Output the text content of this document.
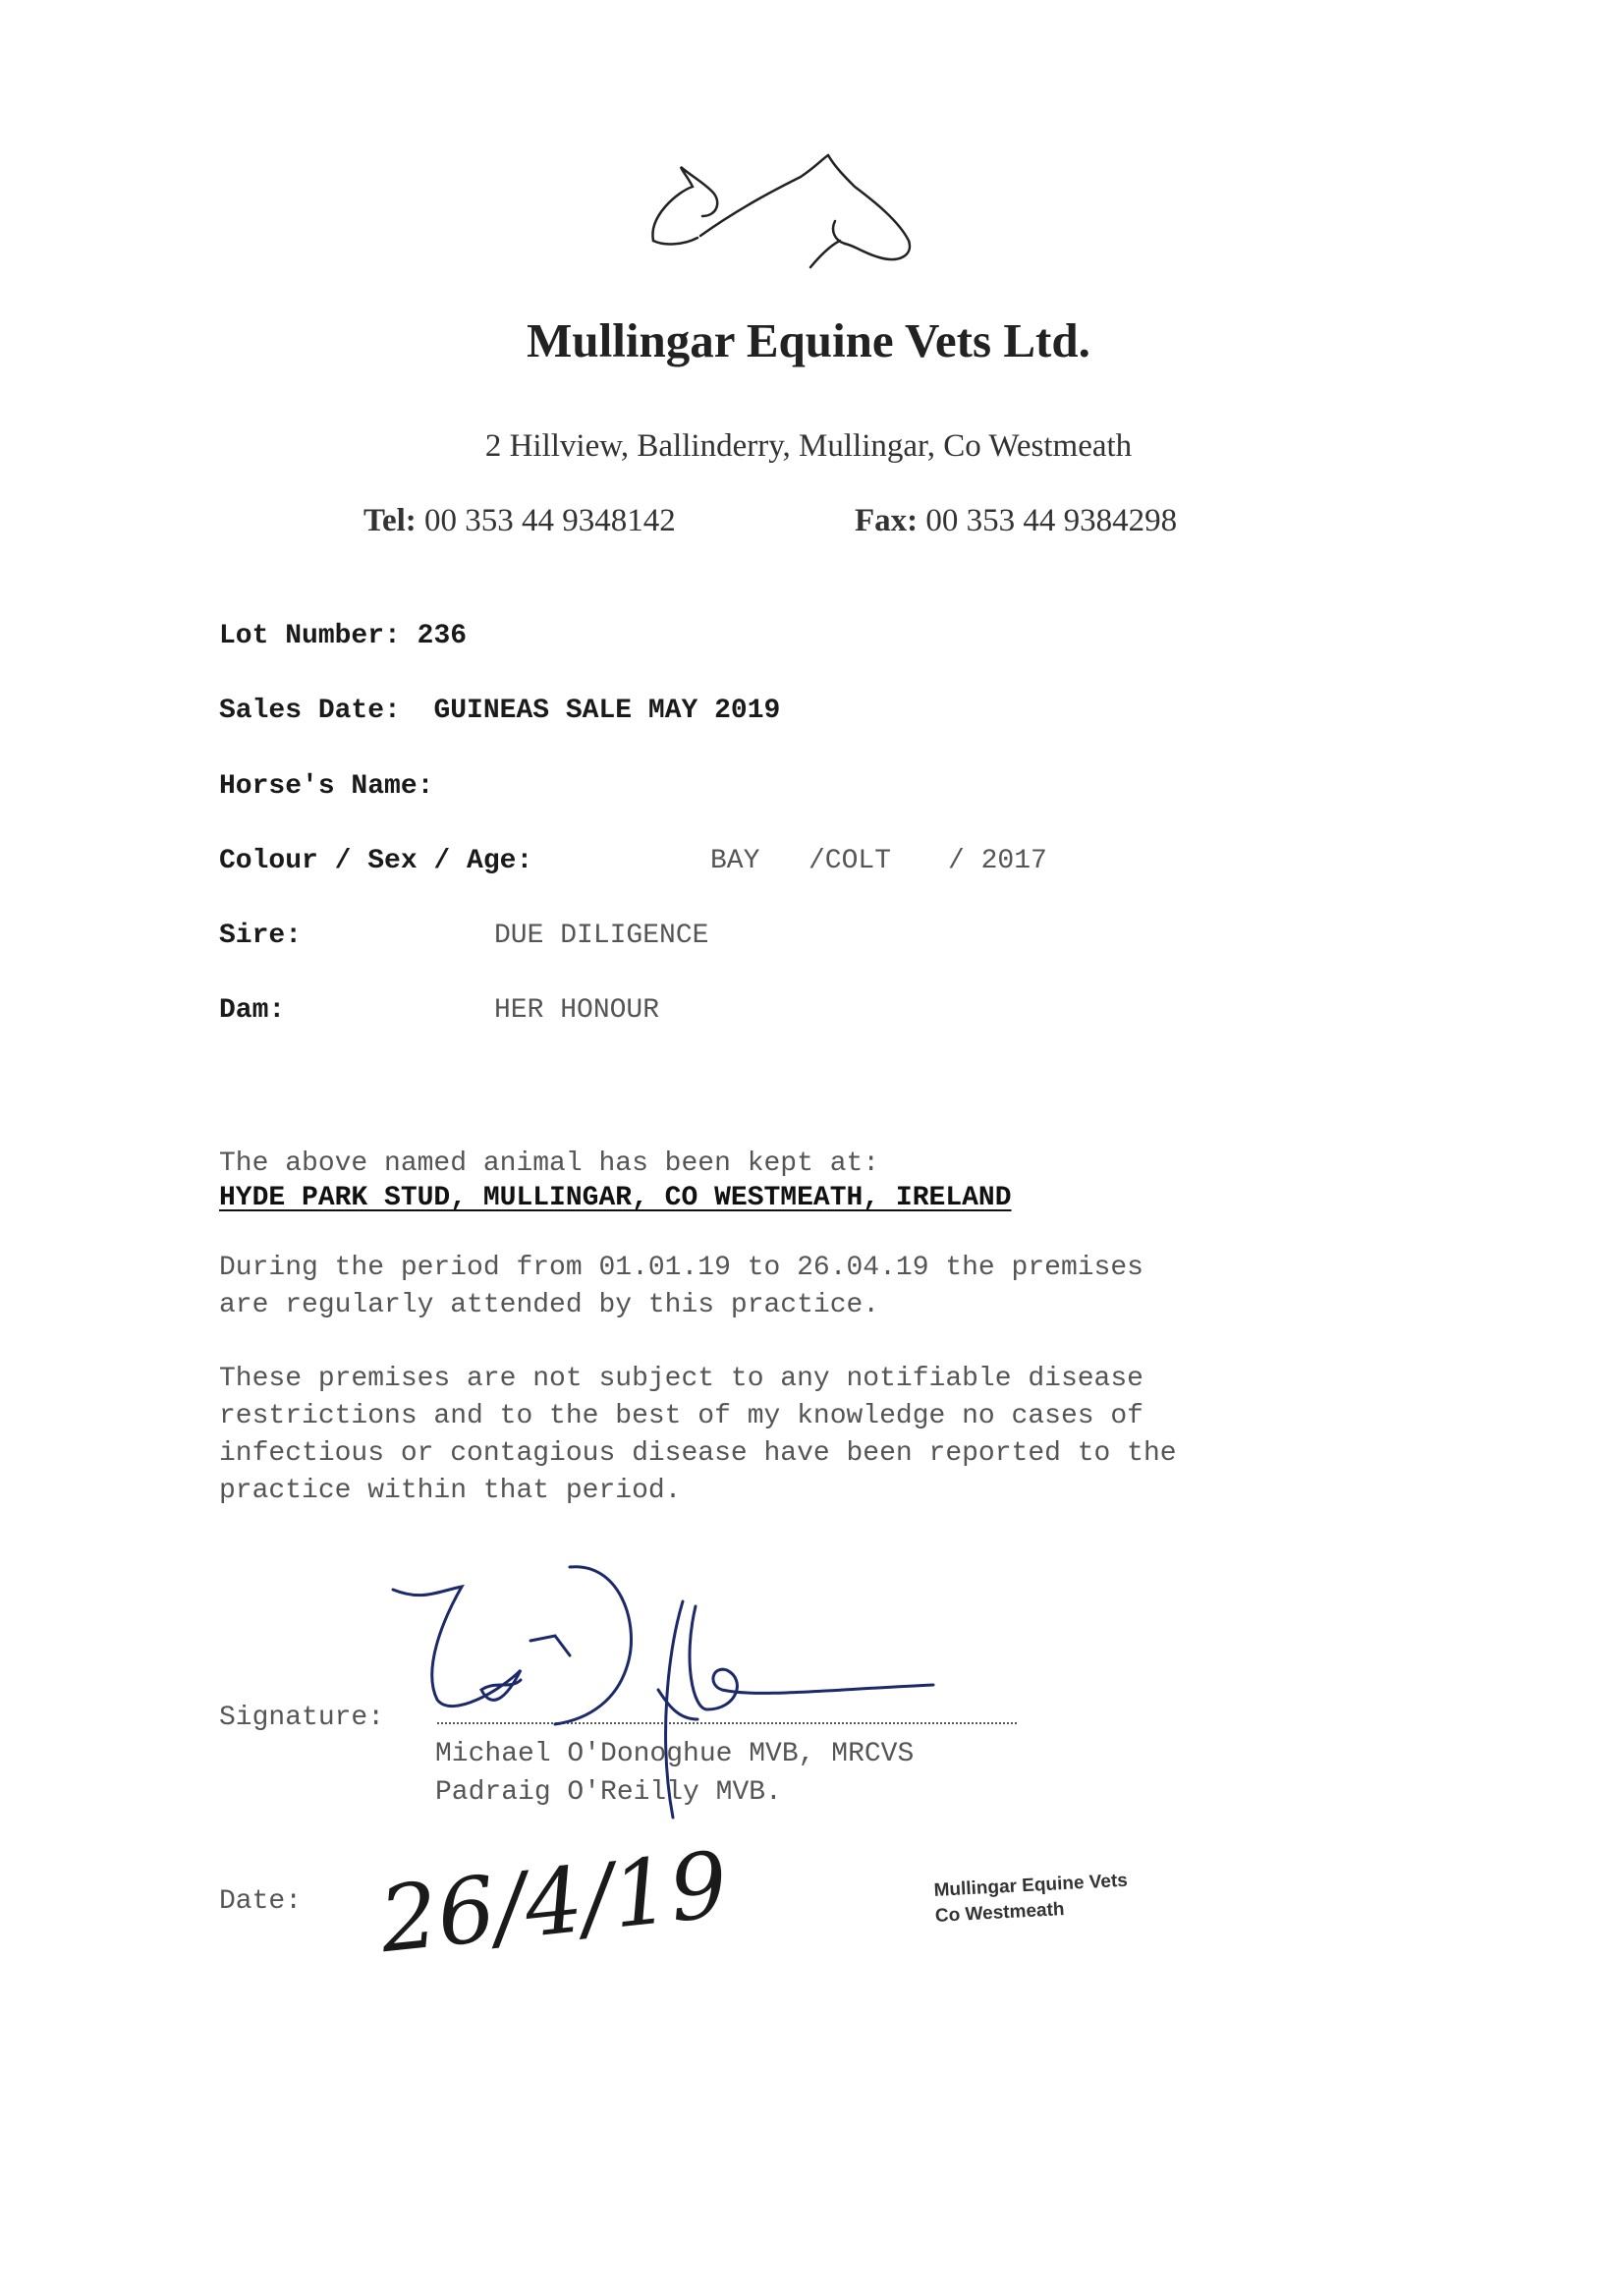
Mullingar Equine Vets Ltd.
2 Hillview, Ballinderry, Mullingar, Co Westmeath
Tel: 00 353 44 9348142	Fax: 00 353 44 9384298
Lot Number: 236
Sales Date: GUINEAS SALE MAY 2019
Horse's Name:
Colour / Sex / Age:	BAY /COLT / 2017
Sire:	DUE DILIGENCE
Dam:	HER HONOUR
The above named animal has been kept at:
HYDE PARK STUD, MULLINGAR, CO WESTMEATH, IRELAND
During the period from 01.01.19 to 26.04.19 the premises
are regularly attended by this practice.
These premises are not subject to any notifiable disease
restrictions and to the best of my knowledge no cases of
infectious or contagious disease have been reported to the
practice within that period.
Signature:
Michael O'Donoghue MVB, MRCVS
Padraig O'Reilly MVB.
Date: 26/4/19	Mullingar Equine Vets
Co Westmeath
